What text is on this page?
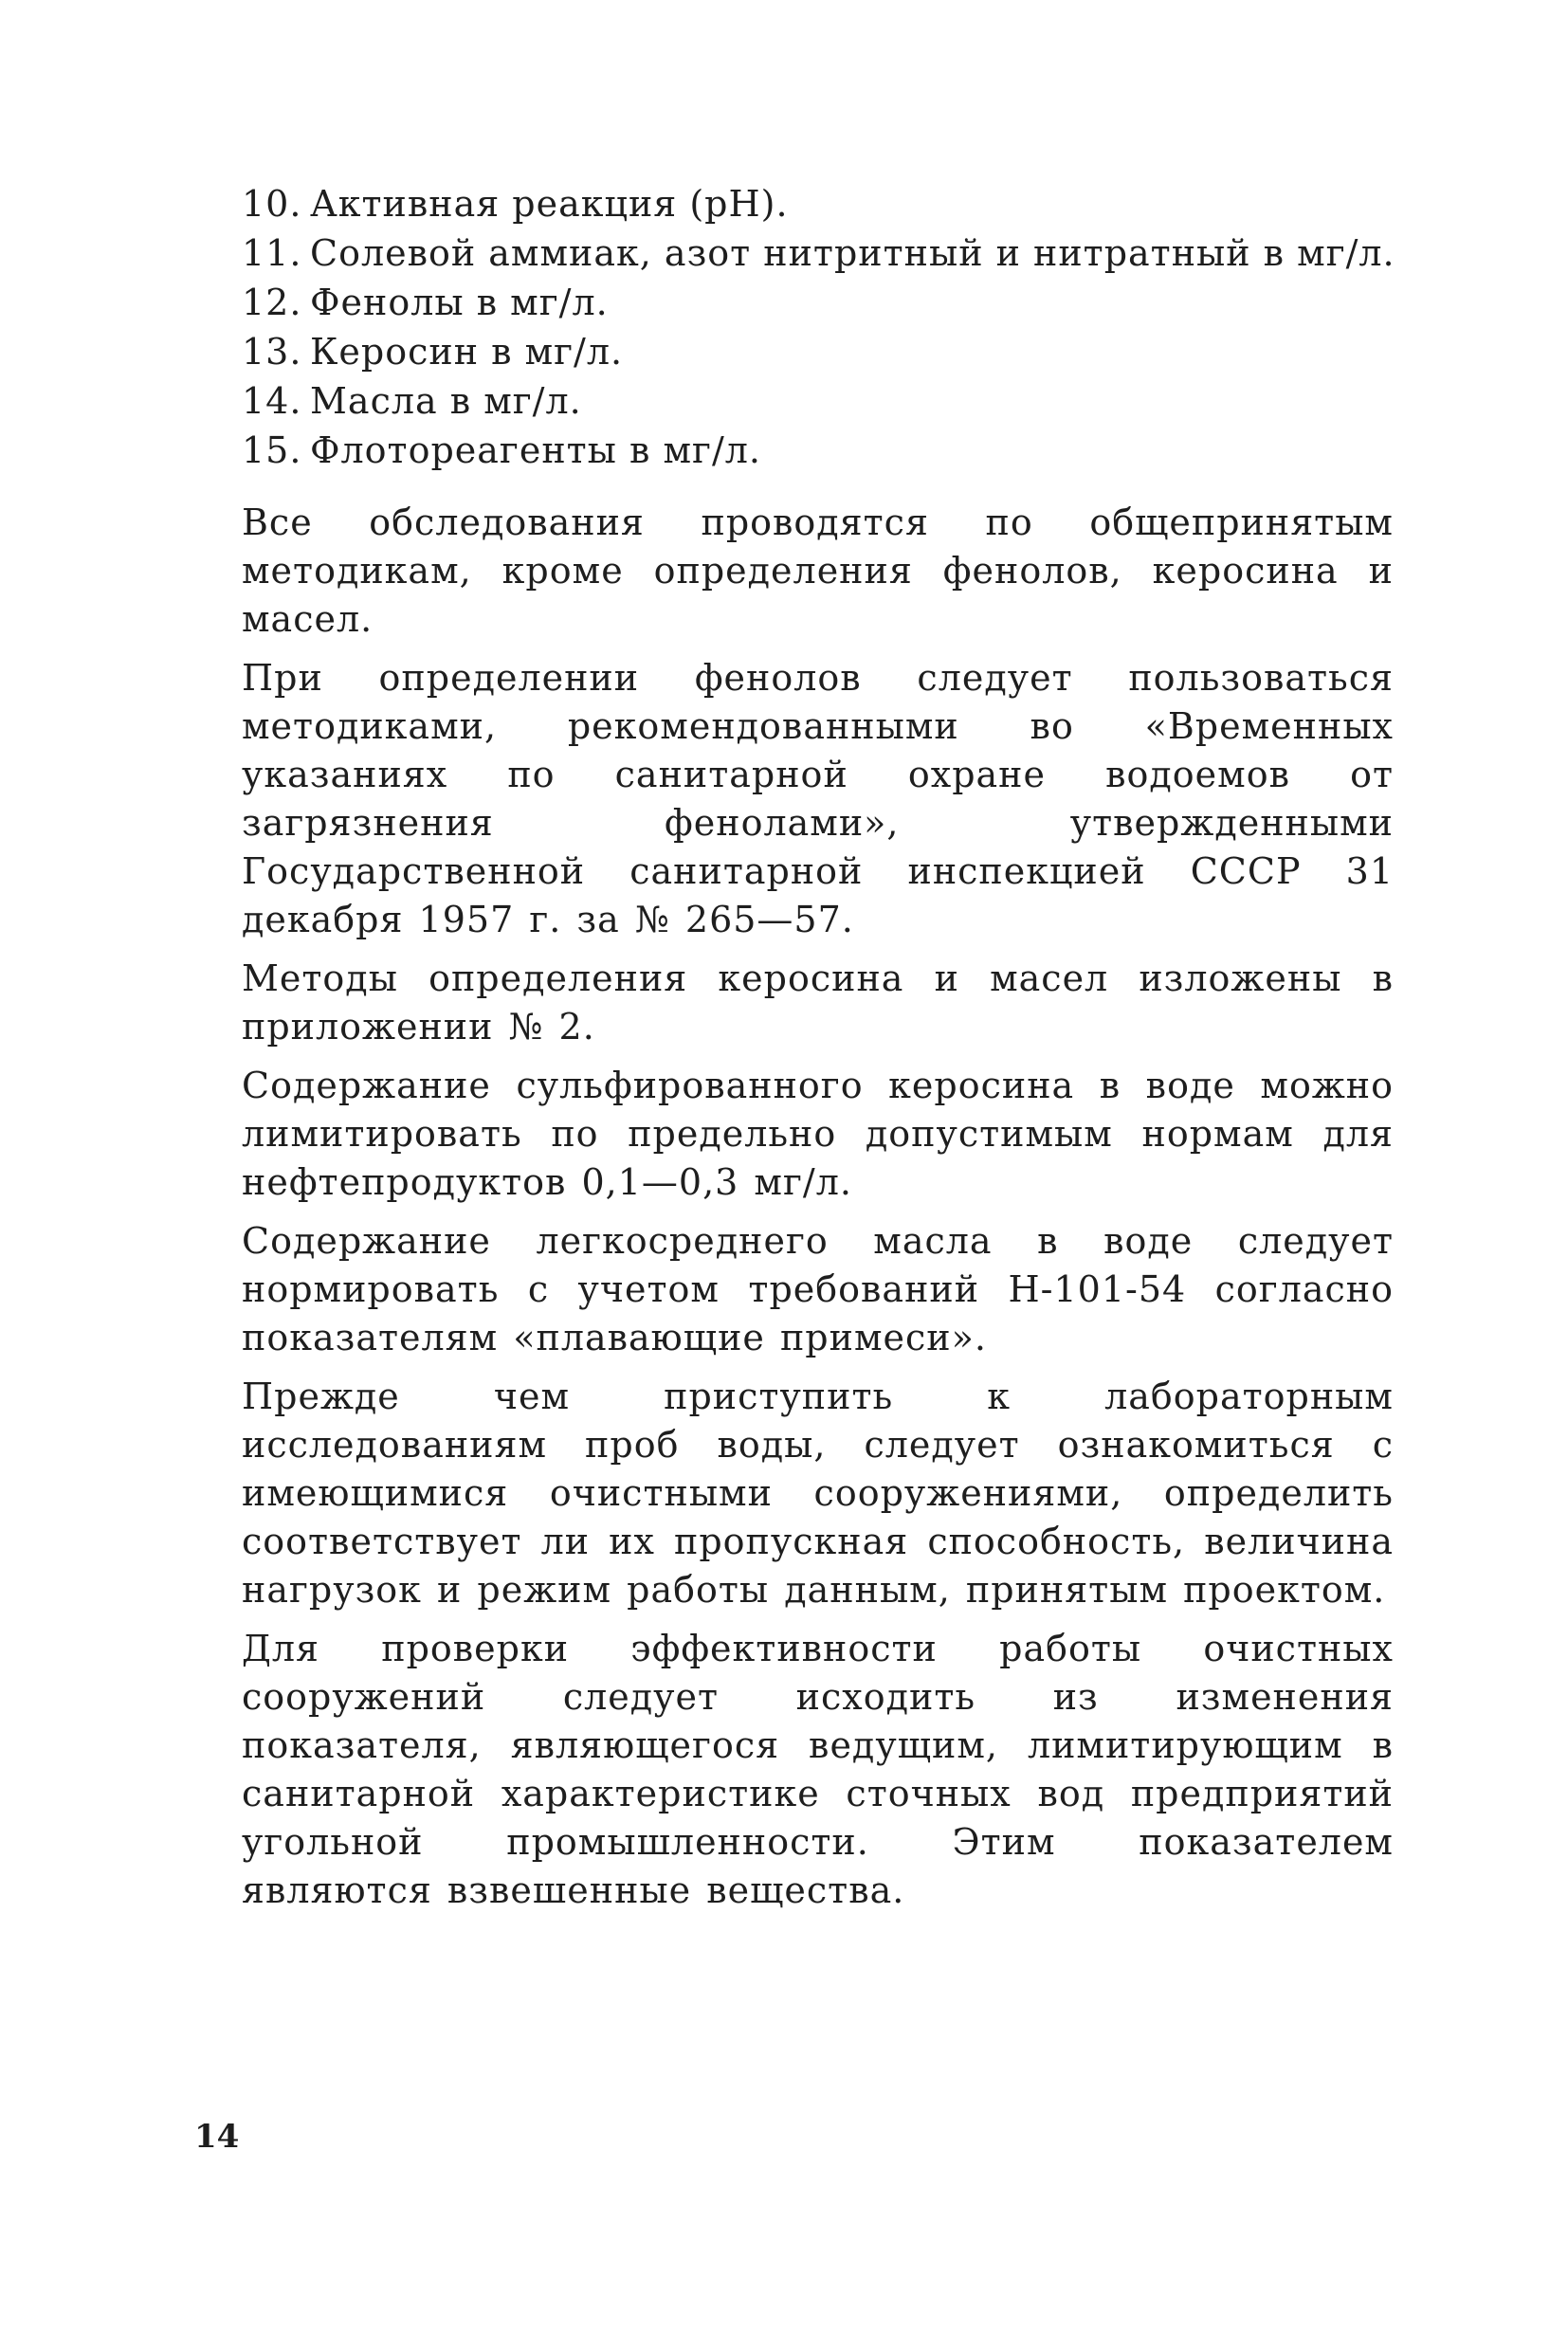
10. Активная реакция (pH).
11. Солевой аммиак, азот нитритный и нитратный в мг/л.
12. Фенолы в мг/л.
13. Керосин в мг/л.
14. Масла в мг/л.
15. Флотореагенты в мг/л.

Все обследования проводятся по общепринятым методикам, кроме определения фенолов, керосина и масел.

При определении фенолов следует пользоваться методиками, рекомендованными во «Временных указаниях по санитарной охране водоемов от загрязнения фенолами», утвержденными Государственной санитарной инспекцией СССР 31 декабря 1957 г. за № 265—57.

Методы определения керосина и масел изложены в приложении № 2.

Содержание сульфированного керосина в воде можно лимитировать по предельно допустимым нормам для нефтепродуктов 0,1—0,3 мг/л.

Содержание легкосреднего масла в воде следует нормировать с учетом требований Н-101-54 согласно показателям «плавающие примеси».

Прежде чем приступить к лабораторным исследованиям проб воды, следует ознакомиться с имеющимися очистными сооружениями, определить соответствует ли их пропускная способность, величина нагрузок и режим работы данным, принятым проектом.

Для проверки эффективности работы очистных сооружений следует исходить из изменения показателя, являющегося ведущим, лимитирующим в санитарной характеристике сточных вод предприятий угольной промышленности. Этим показателем являются взвешенные вещества.

14
